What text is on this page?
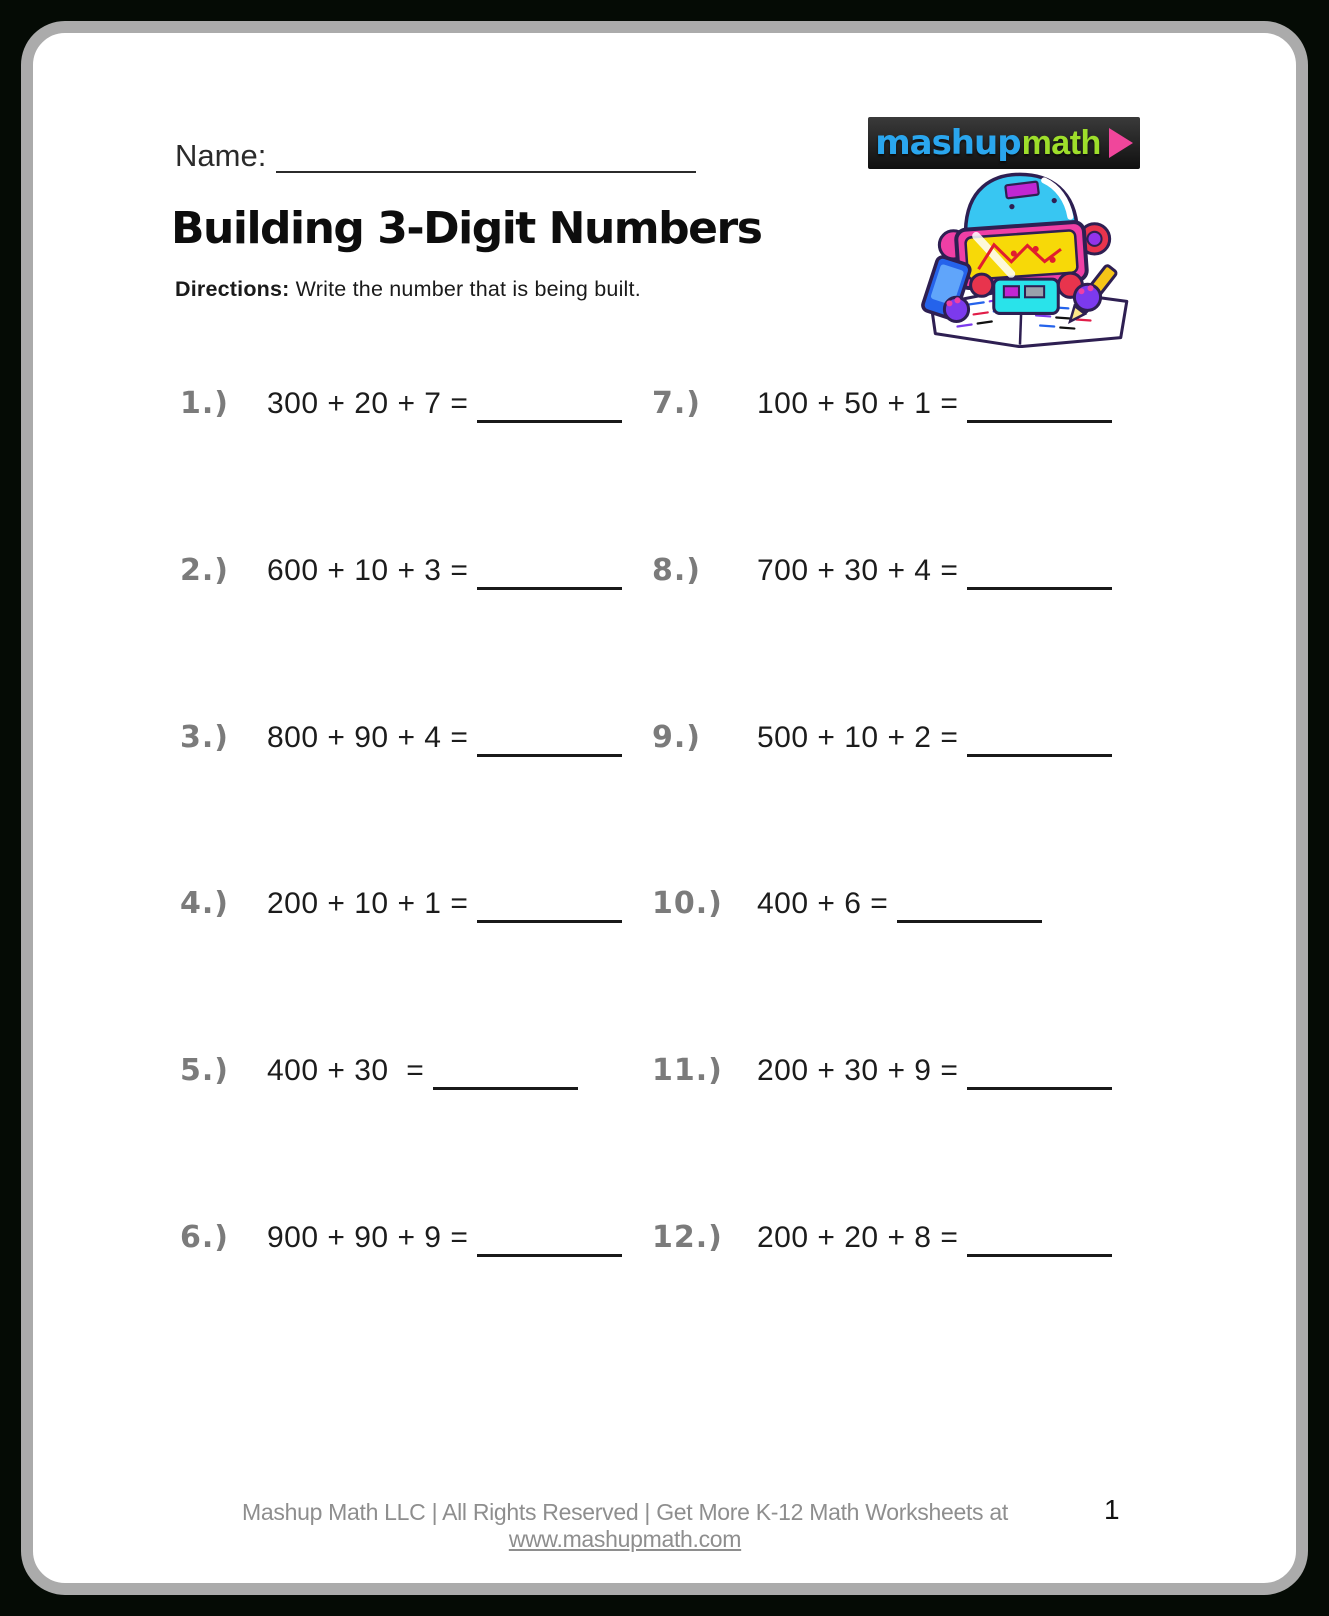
Name:
Building 3-Digit Numbers
Directions: Write the number that is being built.
mashup math
1.) 300 + 20 + 7 =
2.) 600 + 10 + 3 =
3.) 800 + 90 + 4 =
4.) 200 + 10 + 1 =
5.) 400 + 30  =
6.) 900 + 90 + 9 =
7.) 100 + 50 + 1 =
8.) 700 + 30 + 4 =
9.) 500 + 10 + 2 =
10.) 400 + 6 =
11.) 200 + 30 + 9 =
12.) 200 + 20 + 8 =
Mashup Math LLC | All Rights Reserved | Get More K-12 Math Worksheets at www.mashupmath.com
1
